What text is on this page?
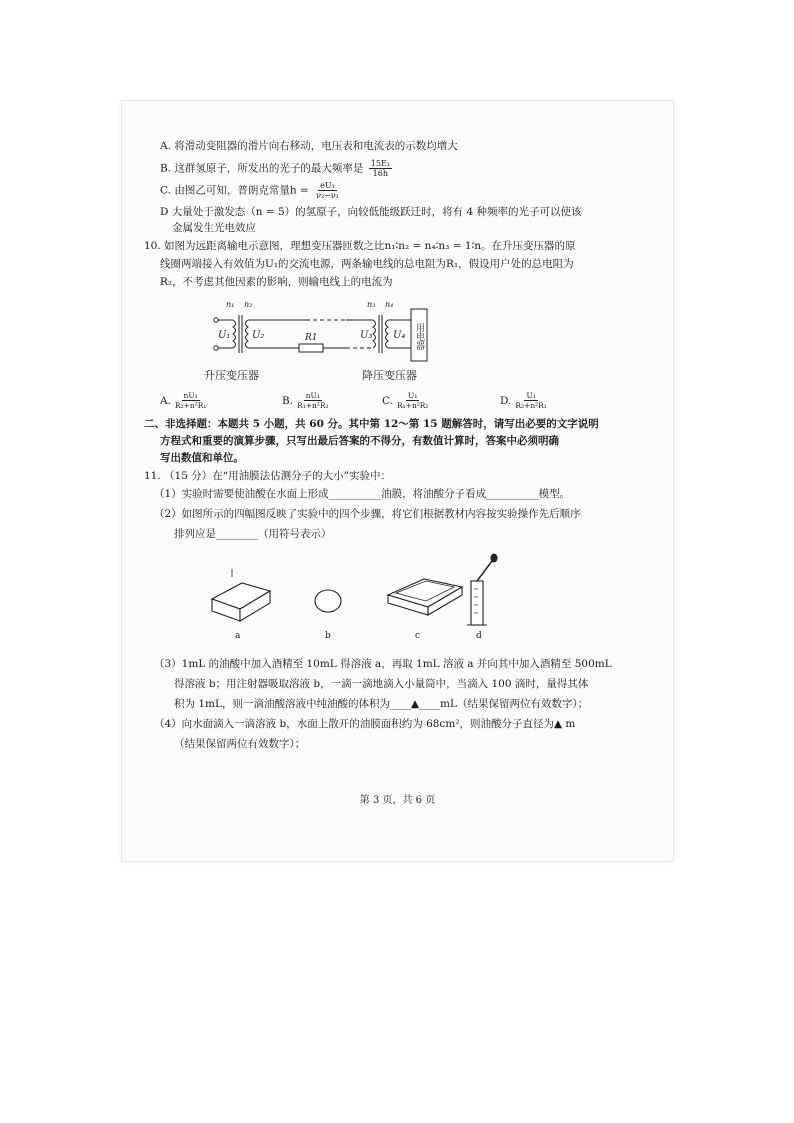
A. 将滑动变阻器的滑片向右移动，电压表和电流表的示数均增大
B. 这群氢原子，所发出的光子的最大频率是 $\frac{\text{15E₁}}{16h}$
C. 由图乙可知，普朗克常量$h = \frac{\text{eU₁}}{\text{ν₂−ν₁}}$
D 大量处于激发态（n = 5）的氢原子，向较低能级跃迁时，将有 4 种频率的光子可以使该
金属发生光电效应
10. 如图为远距离输电示意图，理想变压器匝数之比n₁∶n₂ = n₄∶n₃ = 1∶n。在升压变压器的原
线圈两端接入有效值为U₁的交流电源，两条输电线的总电阻为R₁，假设用户处的总电阻为
R₂，不考虑其他因素的影响，则输电线上的电流为
n₁ n₂	n₃ n₄
U₁ U₂	U₃ U₄
R1	用电器
升压变压器	降压变压器
A. $\frac{\text{nU₁}}{\text{R₂+n²R₁}}$	B. $\frac{\text{nU₁}}{\text{R₁+n²R₂}}$	C. $\frac{\text{U₁}}{\text{R₁+n²R₂}}$	D. $\frac{\text{U₁}}{\text{R₂+n²R₁}}$
二、非选择题：本题共 5 小题，共 60 分。其中第 12～第 15 题解答时，请写出必要的文字说明
方程式和重要的演算步骤，只写出最后答案的不得分，有数值计算时，答案中必须明确
写出数值和单位。
11. （15 分）在“用油膜法估测分子的大小”实验中：
（1）实验时需要使油酸在水面上形成__________油膜，将油酸分子看成__________模型。
（2）如图所示的四幅图反映了实验中的四个步骤，将它们根据教材内容按实验操作先后顺序
排列应是________（用符号表示）
a	b	c	d
（3）1mL 的油酸中加入酒精至 10mL 得溶液 a，再取 1mL 溶液 a 并向其中加入酒精至 500mL
得溶液 b；用注射器吸取溶液 b，一滴一滴地滴入小量筒中，当滴入 100 滴时，量得其体
积为 1mL，则一滴油酸溶液中纯油酸的体积为____▲____mL（结果保留两位有效数字）；
（4）向水面滴入一滴溶液 b，水面上散开的油膜面积约为 68cm²，则油酸分子直径为▲ m
（结果保留两位有效数字）；
第 3 页，共 6 页
